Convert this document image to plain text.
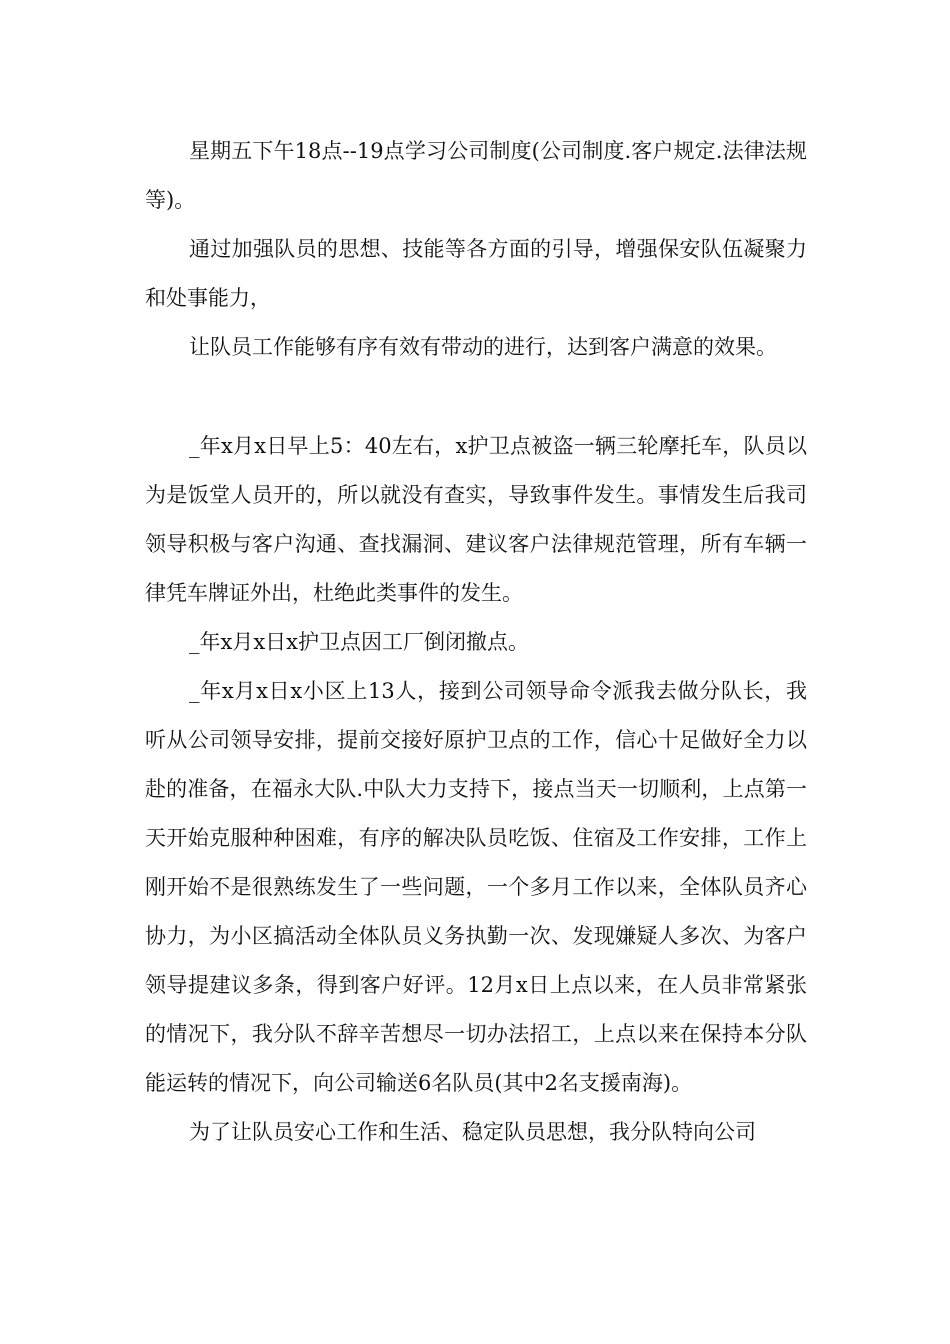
星期五下午18点--19点学习公司制度(公司制度.客户规定.法律法规等)。

通过加强队员的思想、技能等各方面的引导，增强保安队伍凝聚力和处事能力，

让队员工作能够有序有效有带动的进行，达到客户满意的效果。

_年x月x日早上5：40左右，x护卫点被盗一辆三轮摩托车，队员以为是饭堂人员开的，所以就没有查实，导致事件发生。事情发生后我司领导积极与客户沟通、查找漏洞、建议客户法律规范管理，所有车辆一律凭车牌证外出，杜绝此类事件的发生。

_年x月x日x护卫点因工厂倒闭撤点。

_年x月x日x小区上13人，接到公司领导命令派我去做分队长，我听从公司领导安排，提前交接好原护卫点的工作，信心十足做好全力以赴的准备，在福永大队.中队大力支持下，接点当天一切顺利，上点第一天开始克服种种困难，有序的解决队员吃饭、住宿及工作安排，工作上刚开始不是很熟练发生了一些问题，一个多月工作以来，全体队员齐心协力，为小区搞活动全体队员义务执勤一次、发现嫌疑人多次、为客户领导提建议多条，得到客户好评。12月x日上点以来，在人员非常紧张的情况下，我分队不辞辛苦想尽一切办法招工，上点以来在保持本分队能运转的情况下，向公司输送6名队员(其中2名支援南海)。

为了让队员安心工作和生活、稳定队员思想，我分队特向公司
